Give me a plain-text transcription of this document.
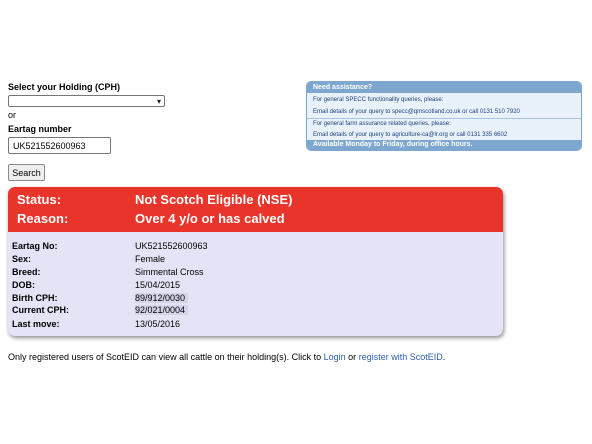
Select your Holding (CPH)
▾
or
Eartag number
UK521552600963
Search
Need assistance?
For general SPECC functionality queries, please:
Email details of your query to specc@qmscotland.co.uk or call 0131 510 7920
For general farm assurance related queries, please:
Email details of your query to agriculture-ca@lr.org or call 0131 335 6602
Available Monday to Friday, during office hours.
Status:	Not Scotch Eligible (NSE)
Reason:	Over 4 y/o or has calved
Eartag No:	UK521552600963
Sex:	Female
Breed:	Simmental Cross
DOB:	15/04/2015
Birth CPH:	89/912/0030
Current CPH:	92/021/0004
Last move:	13/05/2016
Only registered users of ScotEID can view all cattle on their holding(s). Click to Login or register with ScotEID.
